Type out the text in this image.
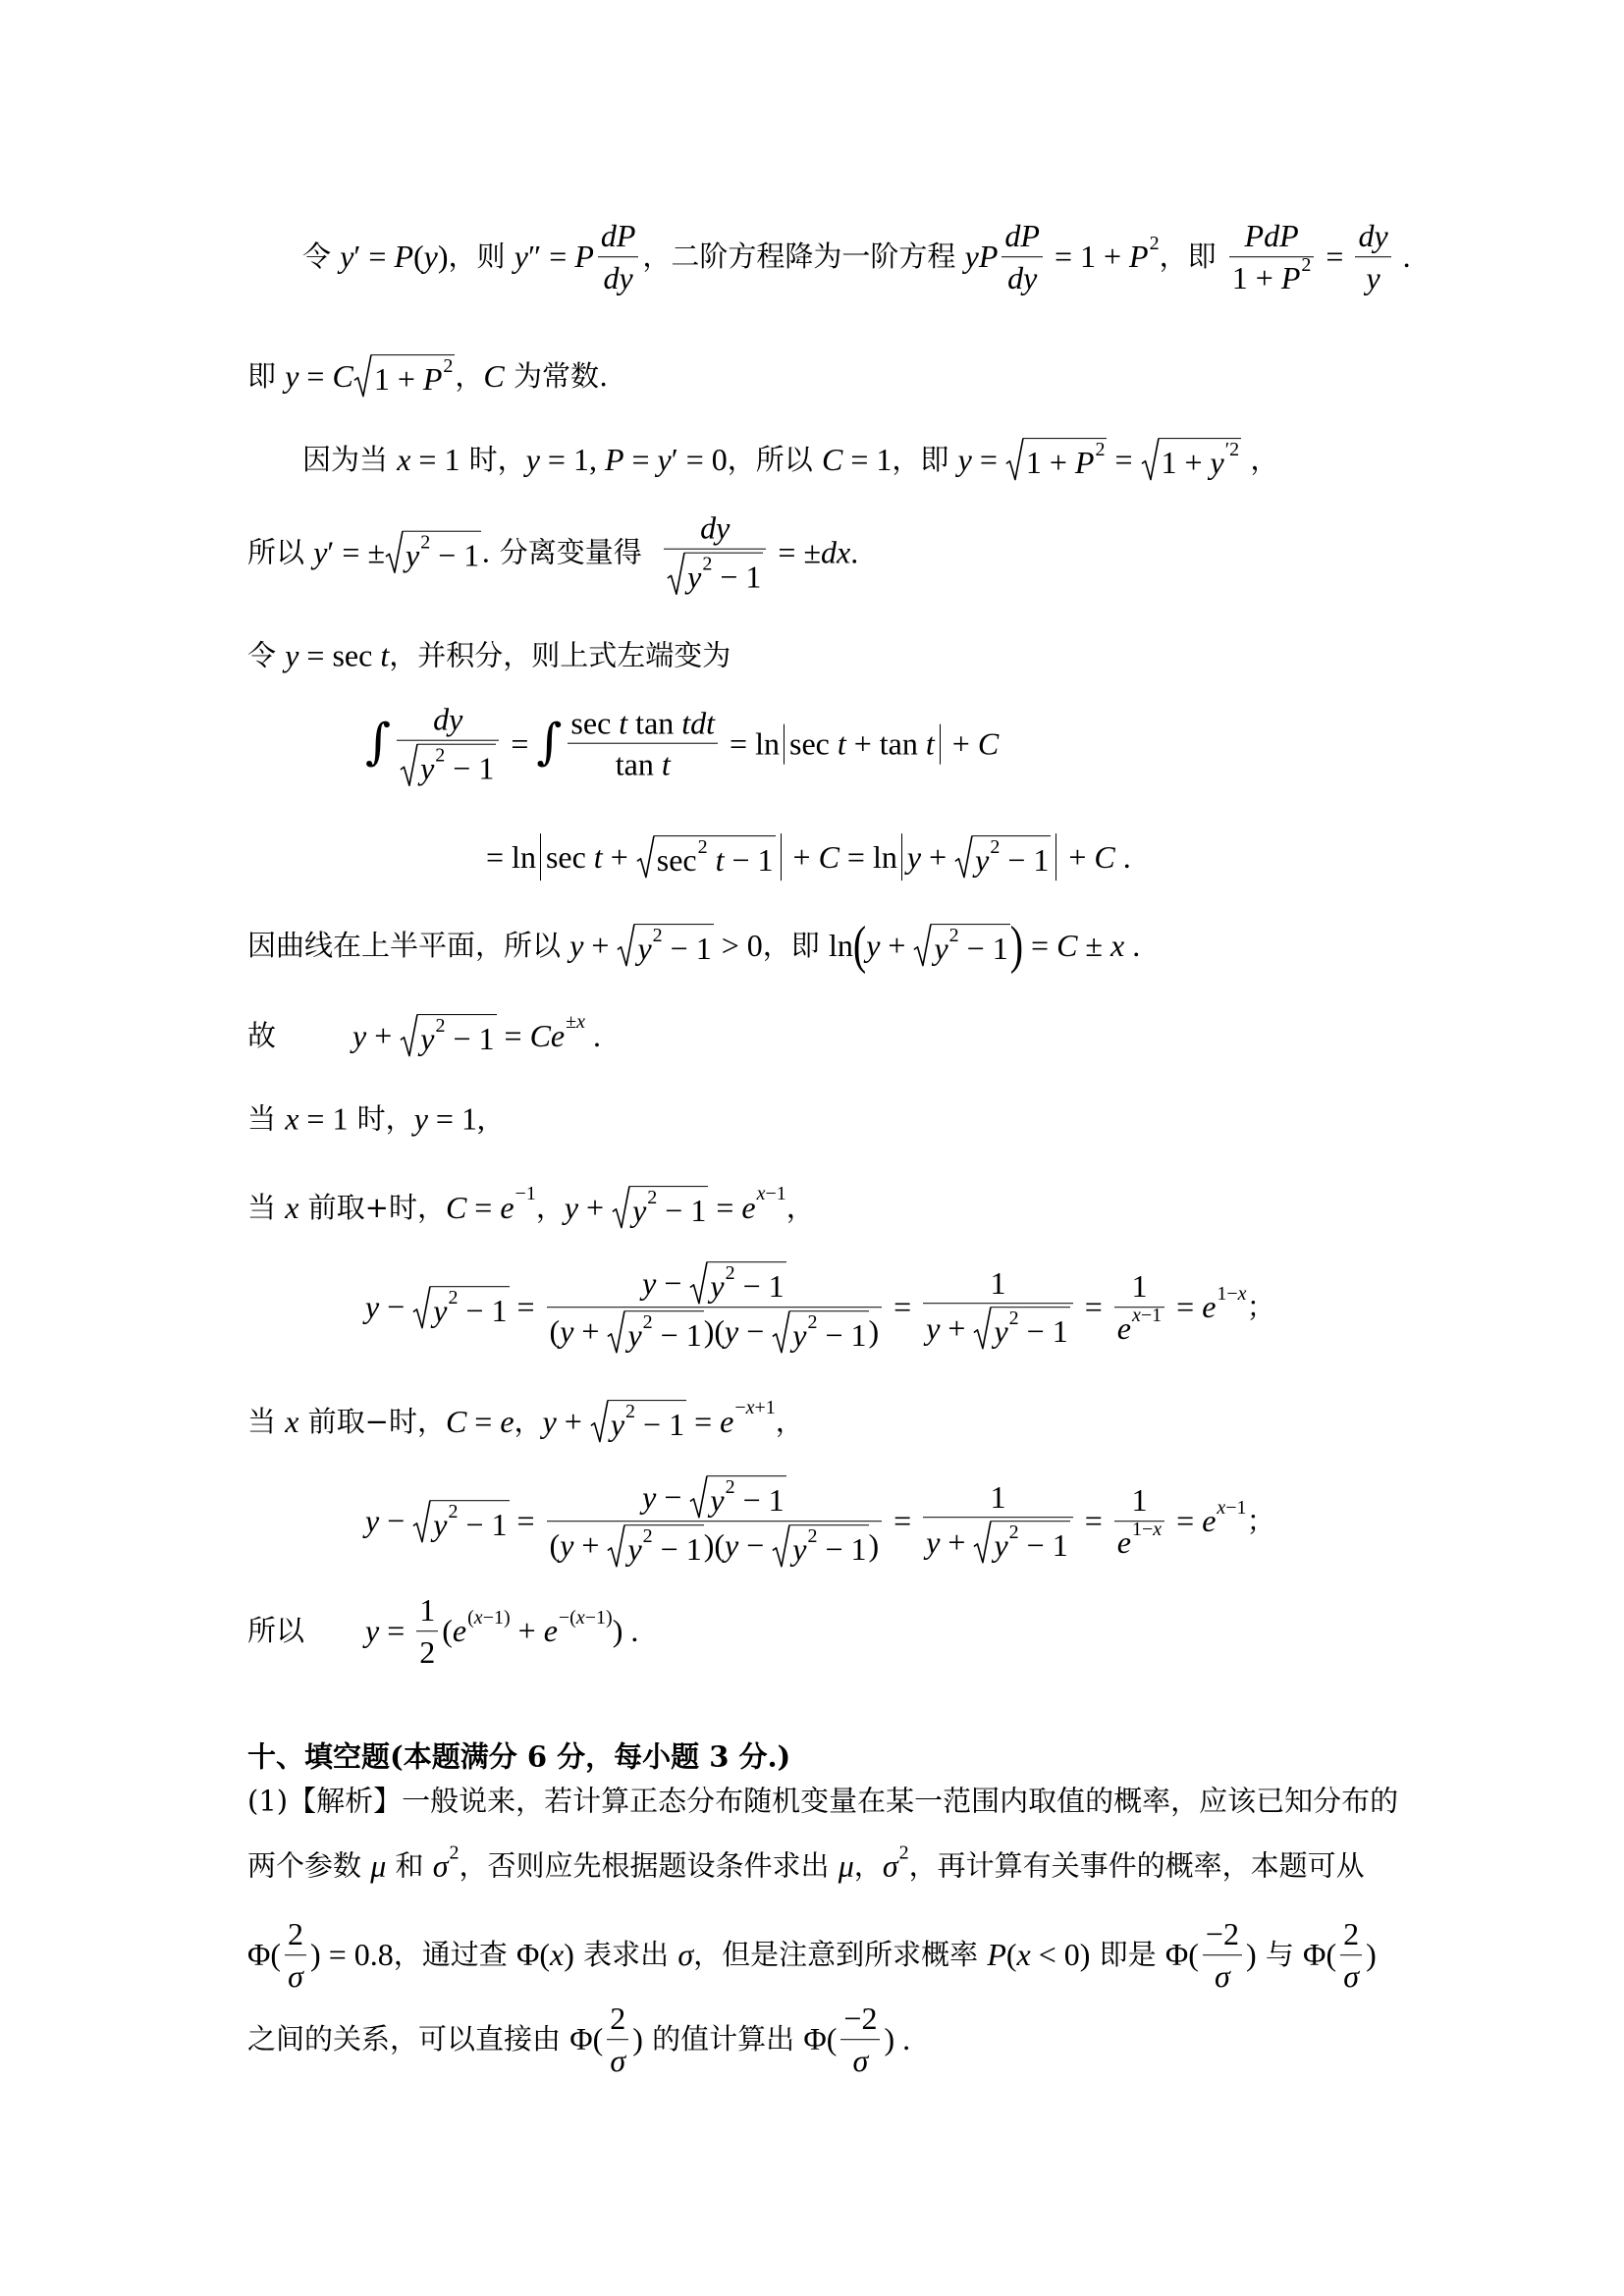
令 y′ = P(y) ，则 y″ = P $\frac{dP}{dy}$ ，二阶方程降为一阶方程 yP $\frac{dP}{dy} = 1 + P$ 2 ，即 $\frac{\text{PdP}}{1 + P 2} = \frac{dy}{y}$ .
即 y = C 1 + P 2 ， C 为常数.
因为当 x = 1 时， y = 1, P = y′ = 0 ，所以 C = 1 ，即 y = 1 + P 2 = 1 + y ′2 ，
所以 y′ = ± y 2 − 1 . 分离变量得 $\frac{dy}{y 2 - 1} = \pm dx$.
令 y = sec t ，并积分，则上式左端变为
∫ $\frac{dy}{y 2 - 1}$ = ∫ $\frac{\text{sec t tan tdt}}{\text{tan t}} = \ln \sec t + \tan t + C$
= ln sec t + sec 2 t − 1 + C = ln y + y 2 − 1 + C .
因曲线在上半平面，所以 y + y 2 − 1 > 0 ，即 ln ( y + y 2 − 1 ) = C ± x .
故 y + y 2 − 1 = Ce ±x .
当 x = 1 时， y = 1,
当 x 前取+时， C = e −1 ， y + y 2 − 1 = e x−1 ，
y − y $2 - 1 = \frac{y - y 2 - 1}{(y + y 2 - 1 )(y - y 2 - 1 )} = \frac{1}{y + y 2 - 1} = \frac{1}{\text{e x−1}} = e$ 1−x ；
当 x 前取−时， C = e ， y + y 2 − 1 = e −x+1 ，
y − y $2 - 1 = \frac{y - y 2 - 1}{(y + y 2 - 1 )(y - y 2 - 1 )} = \frac{1}{y + y 2 - 1} = \frac{1}{e 1-x} = e$ x−1 ；
所以 $y = \frac{1}{2} (e$ (x−1) + e −(x−1) ) .
十、填空题(本题满分 6 分，每小题 3 分.)
(1)【解析】一般说来，若计算正态分布随机变量在某一范围内取值的概率，应该已知分布的
两个参数 μ 和 σ 2 ，否则应先根据题设条件求出 μ ， σ 2 ，再计算有关事件的概率，本题可从
$\Phi( \frac{2}{\sigma}$ ) = 0.8 ，通过查 Φ(x) 表求出 σ ，但是注意到所求概率 P(x < 0) 即是 $\Phi( \frac{-2}{\sigma}$ ) 与 $\Phi( \frac{2}{\sigma}$ )
之间的关系，可以直接由 $\Phi( \frac{2}{\sigma}$ ) 的值计算出 $\Phi( \frac{-2}{\sigma}$ ) .
